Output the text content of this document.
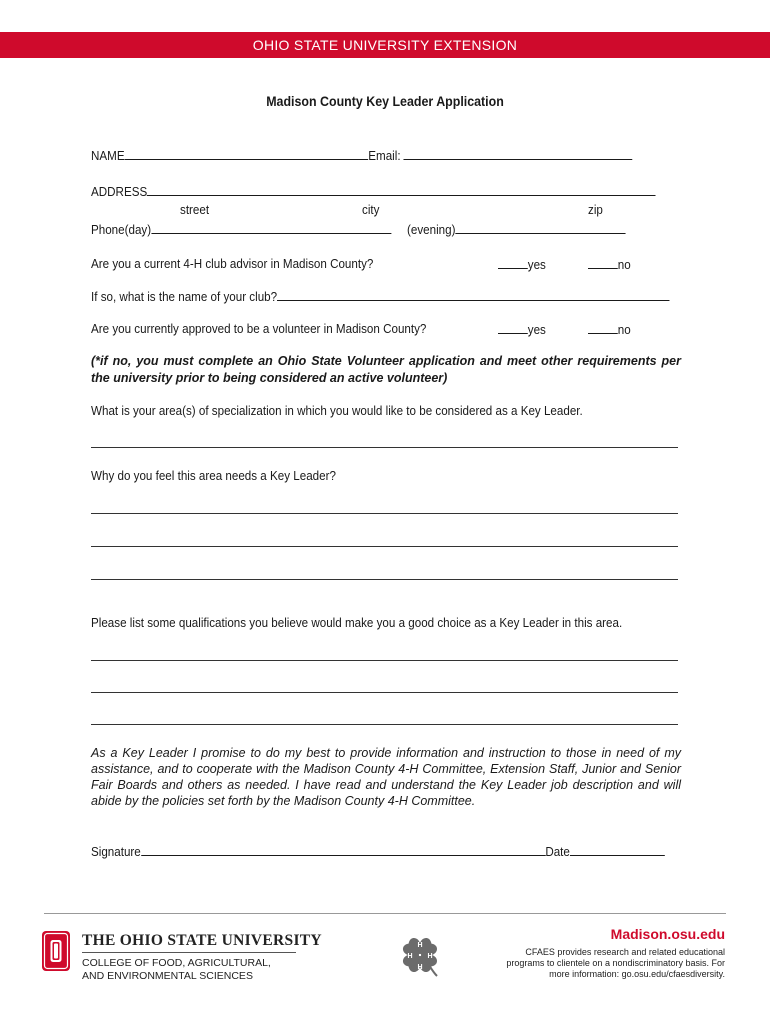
OHIO STATE UNIVERSITY EXTENSION
Madison County Key Leader Application
NAME	Email:
ADDRESS
street	city	zip
Phone(day)	(evening)
Are you a current 4-H club advisor in Madison County?	yes	no
If so, what is the name of your club?
Are you currently approved to be a volunteer in Madison County?	yes	no
(*if no, you must complete an Ohio State Volunteer application and meet other requirements per the university prior to being considered an active volunteer)
What is your area(s) of specialization in which you would like to be considered as a Key Leader.
Why do you feel this area needs a Key Leader?
Please list some qualifications you believe would make you a good choice as a Key Leader in this area.
As a Key Leader I promise to do my best to provide information and instruction to those in need of my assistance, and to cooperate with the Madison County 4-H Committee, Extension Staff, Junior and Senior Fair Boards and others as needed. I have read and understand the Key Leader job description and will abide by the policies set forth by the Madison County 4-H Committee.
Signature	Date
THE OHIO STATE UNIVERSITY
COLLEGE OF FOOD, AGRICULTURAL,
AND ENVIRONMENTAL SCIENCES
H
H
H
H
Madison.osu.edu
CFAES provides research and related educational
programs to clientele on a nondiscriminatory basis. For
more information: go.osu.edu/cfaesdiversity.
